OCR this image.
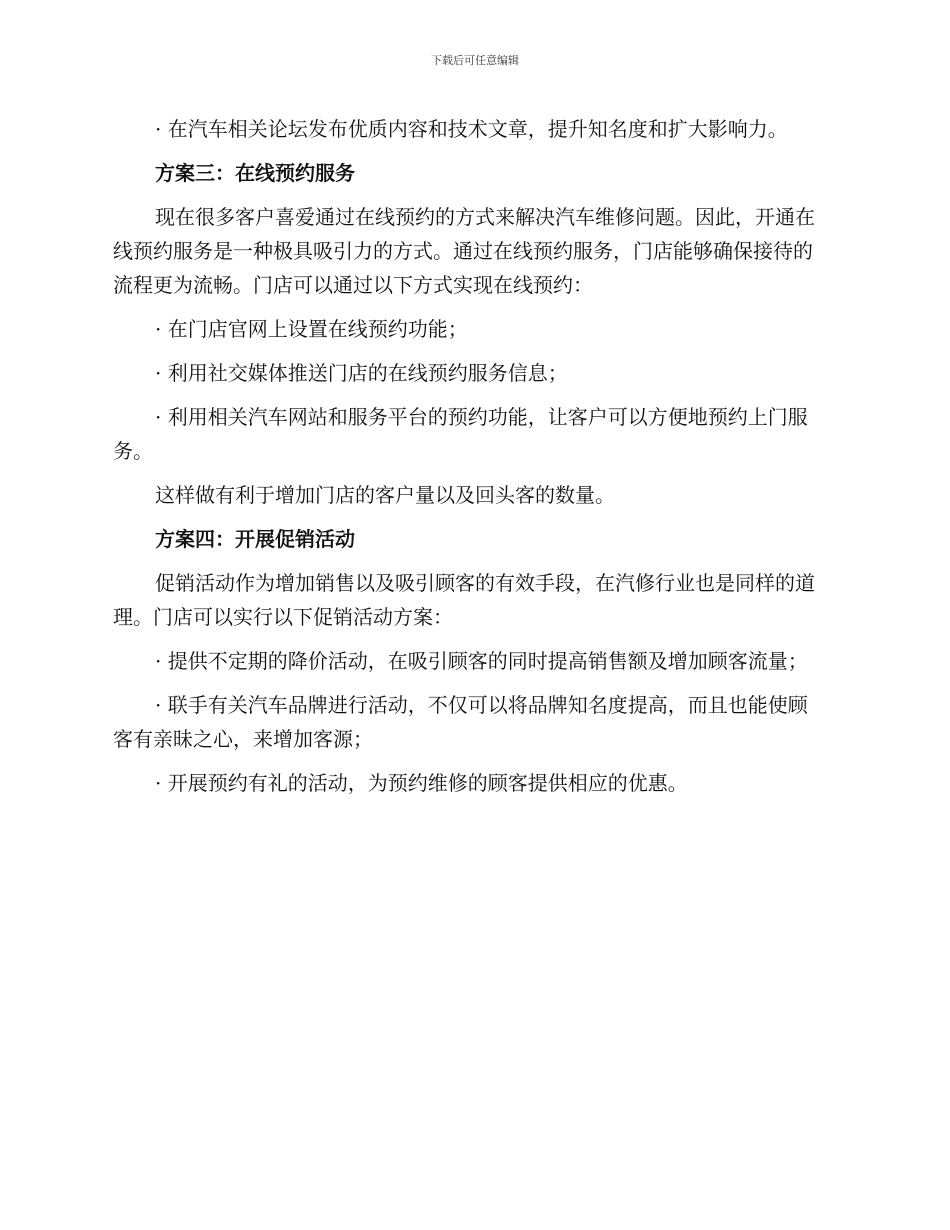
下载后可任意编辑

· 在汽车相关论坛发布优质内容和技术文章，提升知名度和扩大影响力。

方案三：在线预约服务

现在很多客户喜爱通过在线预约的方式来解决汽车维修问题。因此，开通在线预约服务是一种极具吸引力的方式。通过在线预约服务，门店能够确保接待的流程更为流畅。门店可以通过以下方式实现在线预约：

· 在门店官网上设置在线预约功能；

· 利用社交媒体推送门店的在线预约服务信息；

· 利用相关汽车网站和服务平台的预约功能，让客户可以方便地预约上门服务。

这样做有利于增加门店的客户量以及回头客的数量。

方案四：开展促销活动

促销活动作为增加销售以及吸引顾客的有效手段，在汽修行业也是同样的道理。门店可以实行以下促销活动方案：

· 提供不定期的降价活动，在吸引顾客的同时提高销售额及增加顾客流量；

· 联手有关汽车品牌进行活动，不仅可以将品牌知名度提高，而且也能使顾客有亲昧之心，来增加客源；

· 开展预约有礼的活动，为预约维修的顾客提供相应的优惠。
